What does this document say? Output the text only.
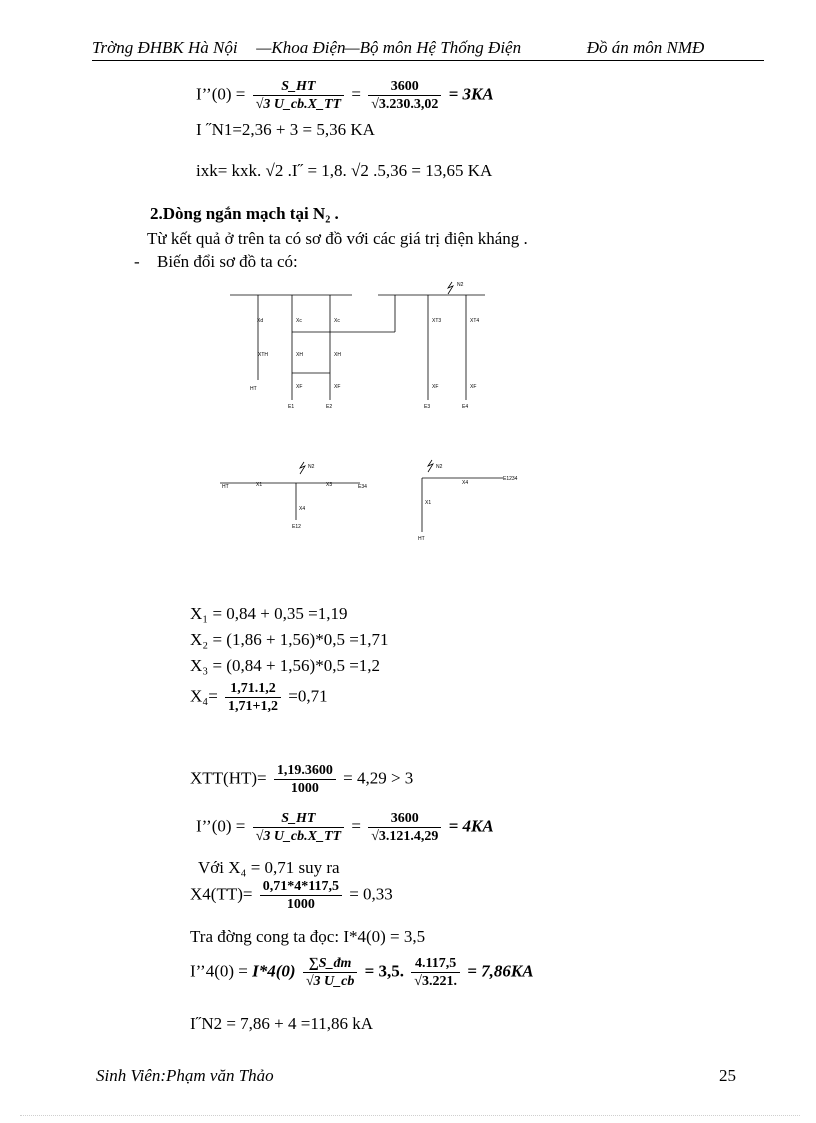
Trờng ĐHBK Hà Nội —Khoa Điện —Bộ môn Hệ Thống Điện	Đồ án môn NMĐ
I’’(0) = $\frac{S\_HT}{√3 U\_cb.X\_TT} = \frac{3600}{√3.230.3,02} = 3KA$
I ˝N1=2,36 + 3 = 5,36 KA
ixk= kxk. √2 .I˝ = 1,8. √2 .5,36 = 13,65 KA
2.Dòng ngắn mạch tại N₂ .
Từ kết quả ở trên ta có sơ đồ với các giá trị điện kháng .
- Biến đổi sơ đồ ta có:
Xd	Xc	Xc
XTH	XH	XH
XF	XF
XT3	XT4
XF	XF
N2
HT
E1	E2	E3	E4
HT	X1
N2
X3	E34
X4
E12
N2
X4
E1234
X1
HT
X₁ = 0,84 + 0,35 =1,19
X₂ = (1,86 + 1,56)*0,5 =1,71
X₃ = (0,84 + 1,56)*0,5 =1,2
$X_4= \frac{1,71.1,2}{1,71+1,2} =0,71$
$XTT(HT)= \frac{1,19.3600}{1000} = 4,29 > 3$
I’’(0) = $\frac{S\_HT}{√3 U\_cb.X\_TT} = \frac{3600}{√3.121.4,29} = 4KA$
Với X₄ = 0,71 suy ra
$X4(TT)= \frac{0,71*4*117,5}{1000} = 0,33$
Tra đờng cong ta đọc: I*4(0) = 3,5
I’’4(0) = $I*4(0) \frac{\sum S\_đm}{√3 U\_cb} = 3,5$. $\frac{4.117,5}{√3.221.} = 7,86KA$
I˝N2 = 7,86 + 4 =11,86 kA
Sinh Viên:Phạm văn Thảo	25
